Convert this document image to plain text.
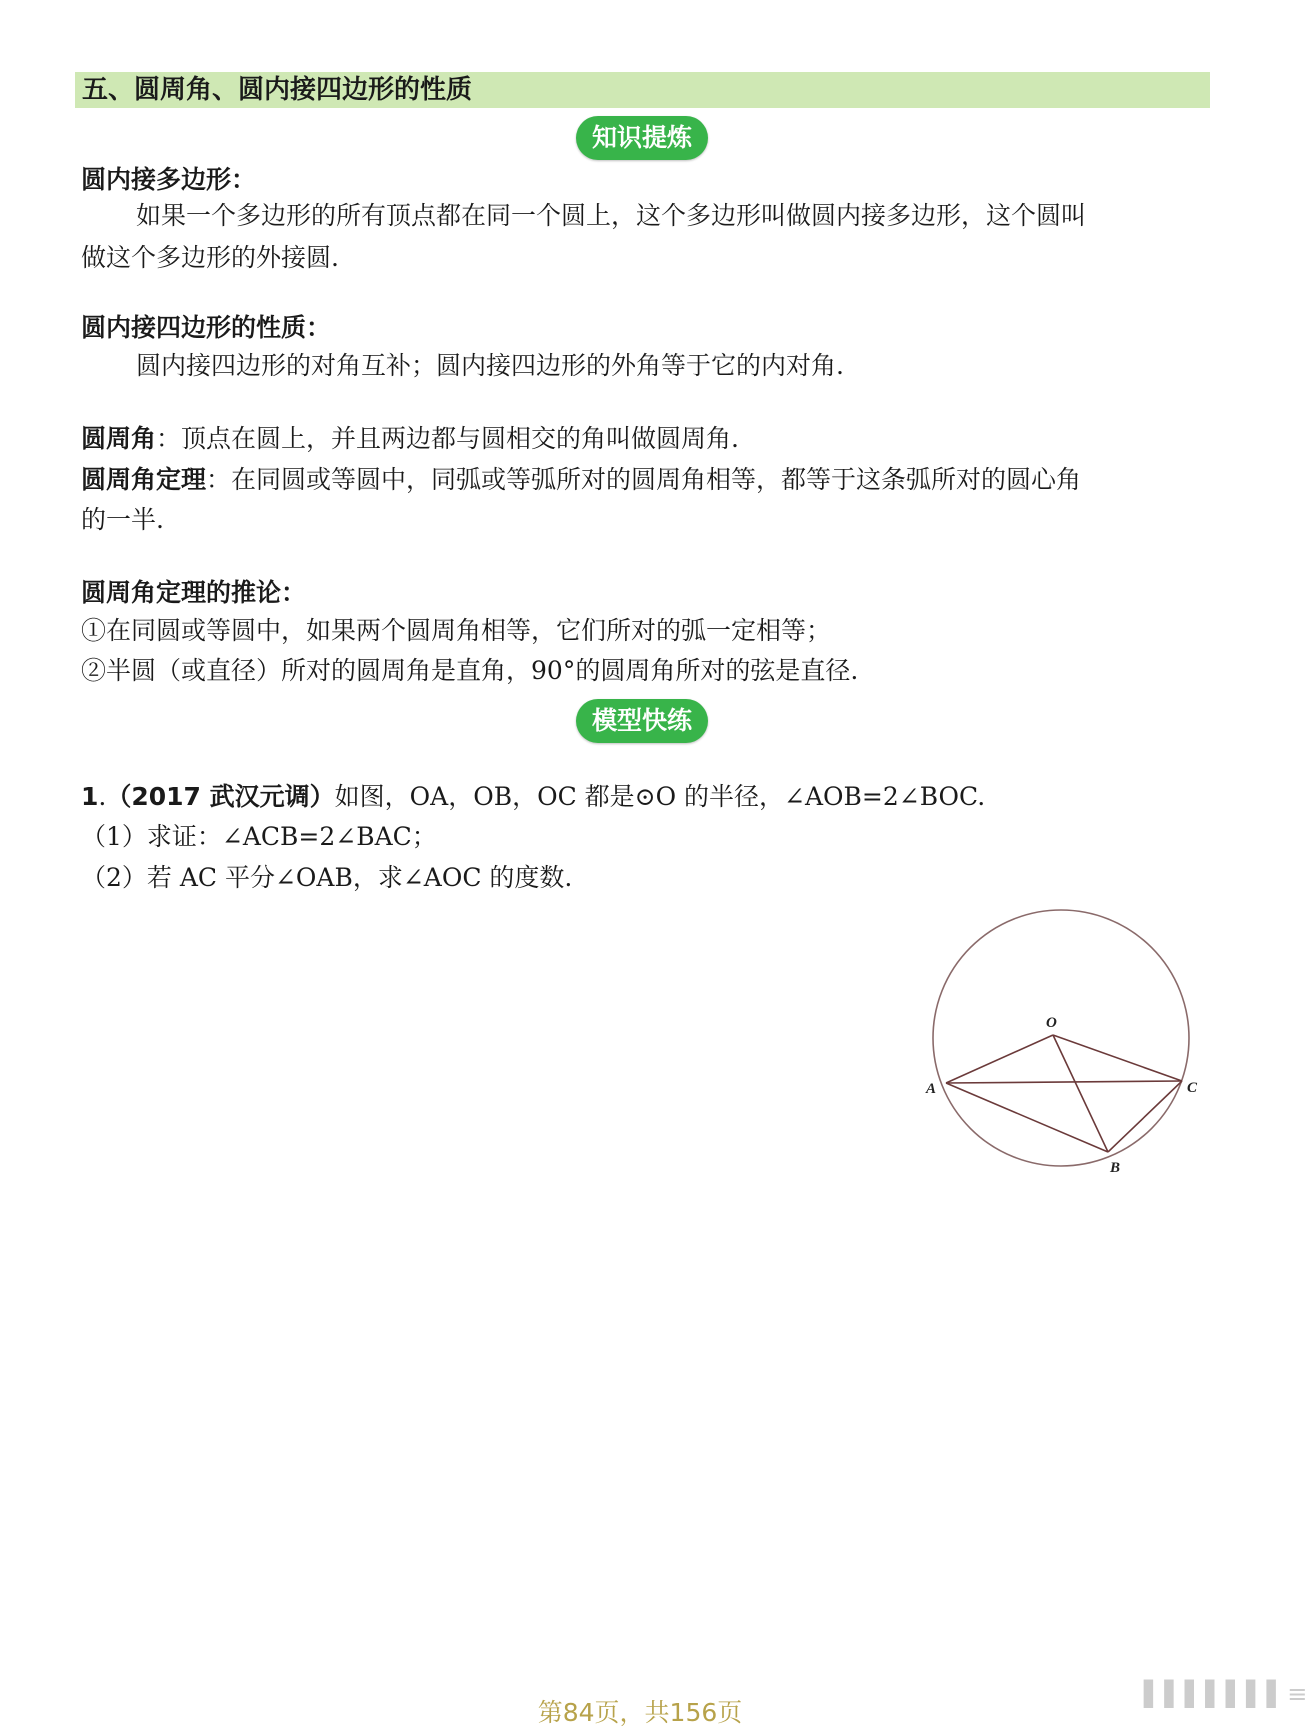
五、圆周角、圆内接四边形的性质
知识提炼
圆内接多边形：
如果一个多边形的所有顶点都在同一个圆上，这个多边形叫做圆内接多边形，这个圆叫
做这个多边形的外接圆.
圆内接四边形的性质：
圆内接四边形的对角互补；圆内接四边形的外角等于它的内对角.
圆周角：顶点在圆上，并且两边都与圆相交的角叫做圆周角.
圆周角定理：在同圆或等圆中，同弧或等弧所对的圆周角相等，都等于这条弧所对的圆心角
的一半.
圆周角定理的推论：
①在同圆或等圆中，如果两个圆周角相等，它们所对的弧一定相等；
②半圆（或直径）所对的圆周角是直角，90°的圆周角所对的弦是直径.
模型快练
1.（2017 武汉元调）如图，OA，OB，OC 都是⊙O 的半径，∠AOB=2∠BOC.
（1）求证：∠ACB=2∠BAC；
（2）若 AC 平分∠OAB，求∠AOC 的度数.
O
A	C
B
第84页，共156页
▌▌▌▌▌▌▌≡
